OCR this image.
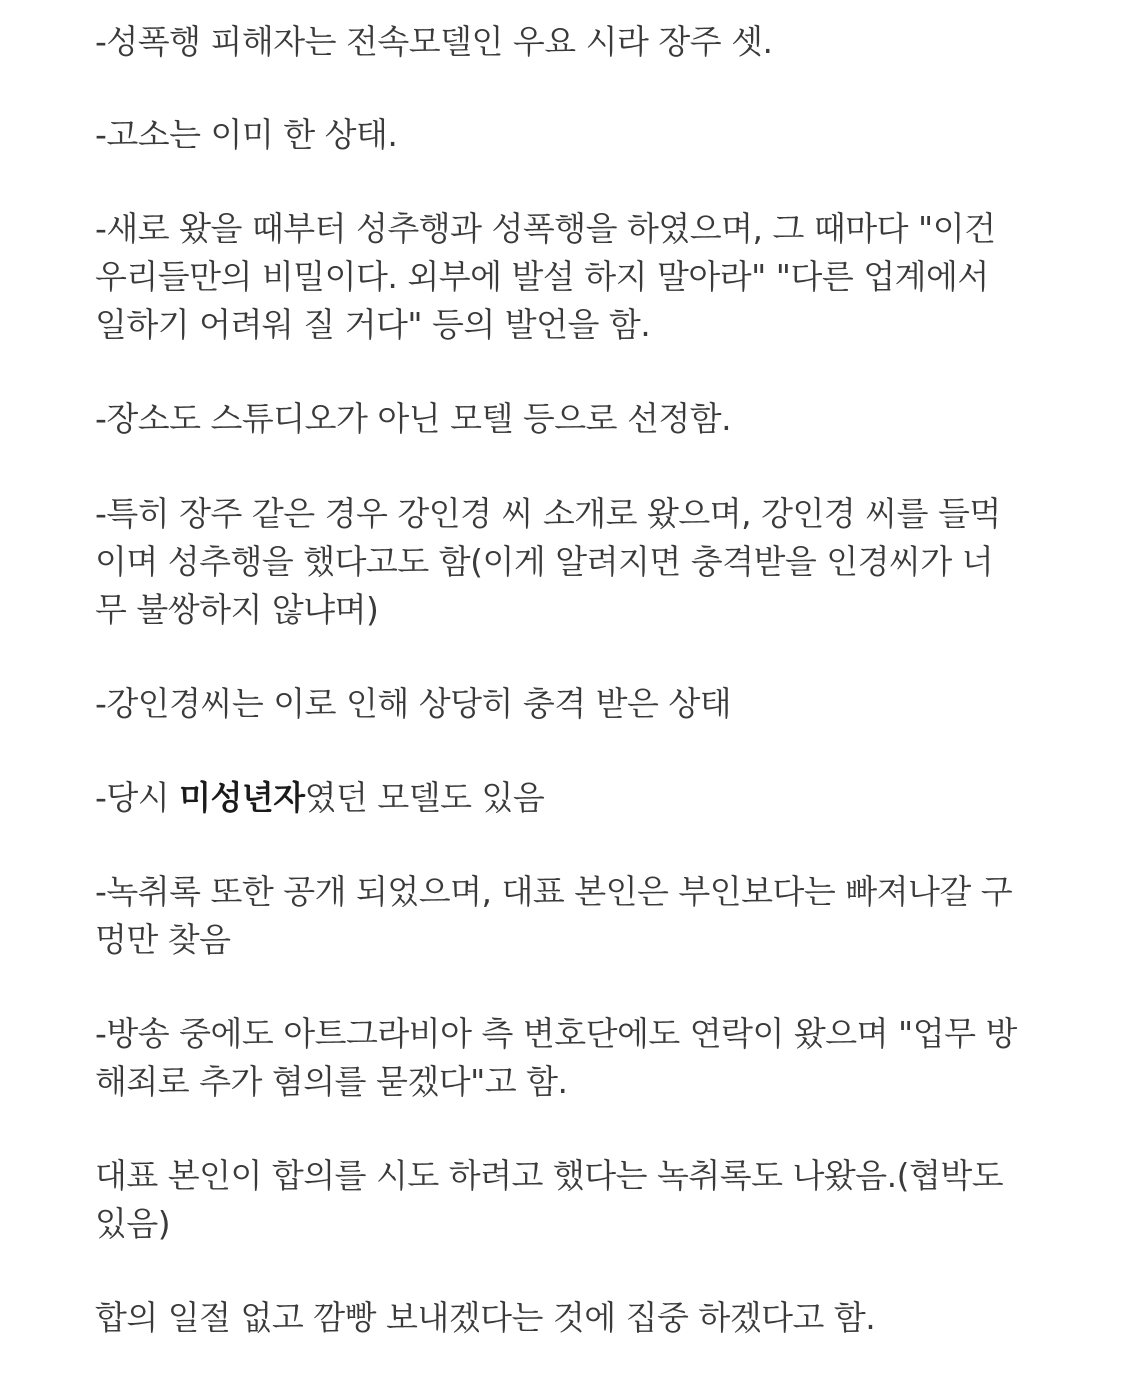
-성폭행 피해자는 전속모델인 우요 시라 장주 셋.

-고소는 이미 한 상태.

-새로 왔을 때부터 성추행과 성폭행을 하였으며, 그 때마다 "이건

우리들만의 비밀이다. 외부에 발설 하지 말아라" "다른 업계에서

일하기 어려워 질 거다" 등의 발언을 함.

-장소도 스튜디오가 아닌 모텔 등으로 선정함.

-특히 장주 같은 경우 강인경 씨 소개로 왔으며, 강인경 씨를 들먹

이며 성추행을 했다고도 함(이게 알려지면 충격받을 인경씨가 너

무 불쌍하지 않냐며)

-강인경씨는 이로 인해 상당히 충격 받은 상태

-당시 미성년자였던 모델도 있음

-녹취록 또한 공개 되었으며, 대표 본인은 부인보다는 빠져나갈 구

멍만 찾음

-방송 중에도 아트그라비아 측 변호단에도 연락이 왔으며 "업무 방

해죄로 추가 혐의를 묻겠다"고 함.

대표 본인이 합의를 시도 하려고 했다는 녹취록도 나왔음.(협박도

있음)

합의 일절 없고 깜빵 보내겠다는 것에 집중 하겠다고 함.
